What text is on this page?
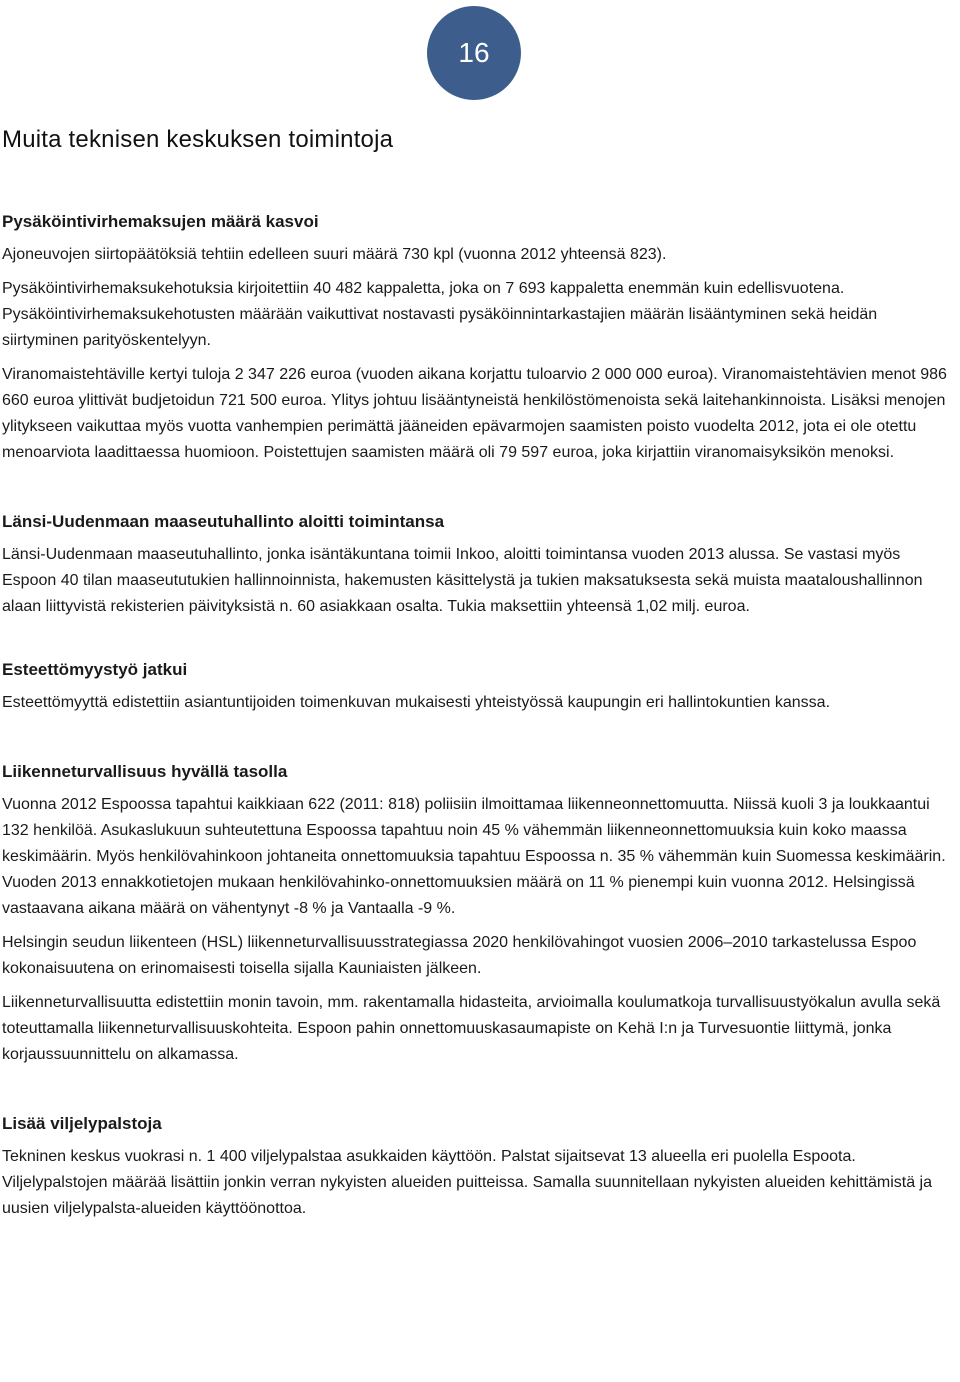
16
Muita teknisen keskuksen toimintoja
Pysäköintivirhemaksujen määrä kasvoi

Ajoneuvojen siirtopäätöksiä tehtiin edelleen suuri määrä 730 kpl (vuonna 2012 yhteensä 823).

Pysäköintivirhemaksukehotuksia kirjoitettiin 40 482 kappaletta, joka on 7 693 kappaletta enemmän kuin edellisvuotena. Pysäköintivirhemaksukehotusten määrään vaikuttivat nostavasti pysäköinnintarkastajien määrän lisääntyminen sekä heidän siirtyminen parityöskentelyyn.

Viranomaistehtäville kertyi tuloja 2 347 226 euroa (vuoden aikana korjattu tuloarvio 2 000 000 euroa). Viranomaistehtävien menot 986 660 euroa ylittivät budjetoidun 721 500 euroa. Ylitys johtuu lisääntyneistä henkilöstömenoista sekä laitehankinnoista. Lisäksi menojen ylitykseen vaikuttaa myös vuotta vanhempien perimättä jääneiden epävarmojen saamisten poisto vuodelta 2012, jota ei ole otettu menoarviota laadittaessa huomioon. Poistettujen saamisten määrä oli 79 597 euroa, joka kirjattiin viranomaisyksikön menoksi.

Länsi-Uudenmaan maaseutuhallinto aloitti toimintansa

Länsi-Uudenmaan maaseutuhallinto, jonka isäntäkuntana toimii Inkoo, aloitti toimintansa vuoden 2013 alussa. Se vastasi myös Espoon 40 tilan maaseututukien hallinnoinnista, hakemusten käsittelystä ja tukien maksatuksesta sekä muista maataloushallinnon alaan liittyvistä rekisterien päivityksistä n. 60 asiakkaan osalta. Tukia maksettiin yhteensä 1,02 milj. euroa.

Esteettömyystyö jatkui

Esteettömyyttä edistettiin asiantuntijoiden toimenkuvan mukaisesti yhteistyössä kaupungin eri hallintokuntien kanssa.

Liikenneturvallisuus hyvällä tasolla

Vuonna 2012 Espoossa tapahtui kaikkiaan 622 (2011: 818) poliisiin ilmoittamaa liikenneonnettomuutta. Niissä kuoli 3 ja loukkaantui 132 henkilöä. Asukaslukuun suhteutettuna Espoossa tapahtuu noin 45 % vähemmän liikenneonnettomuuksia kuin koko maassa keskimäärin. Myös henkilövahinkoon johtaneita onnettomuuksia tapahtuu Espoossa n. 35 % vähemmän kuin Suomessa keskimäärin. Vuoden 2013 ennakkotietojen mukaan henkilövahinko-onnettomuuksien määrä on 11 % pienempi kuin vuonna 2012. Helsingissä vastaavana aikana määrä on vähentynyt -8 % ja Vantaalla -9 %.

Helsingin seudun liikenteen (HSL) liikenneturvallisuusstrategiassa 2020 henkilövahingot vuosien 2006–2010 tarkastelussa Espoo kokonaisuutena on erinomaisesti toisella sijalla Kauniaisten jälkeen.

Liikenneturvallisuutta edistettiin monin tavoin, mm. rakentamalla hidasteita, arvioimalla koulumatkoja turvallisuustyökalun avulla sekä toteuttamalla liikenneturvallisuuskohteita. Espoon pahin onnettomuuskasaumapiste on Kehä I:n ja Turvesuontie liittymä, jonka korjaussuunnittelu on alkamassa.

Lisää viljelypalstoja

Tekninen keskus vuokrasi n. 1 400 viljelypalstaa asukkaiden käyttöön. Palstat sijaitsevat 13 alueella eri puolella Espoota. Viljelypalstojen määrää lisättiin jonkin verran nykyisten alueiden puitteissa. Samalla suunnitellaan nykyisten alueiden kehittämistä ja uusien viljelypalsta-alueiden käyttöönottoa.
